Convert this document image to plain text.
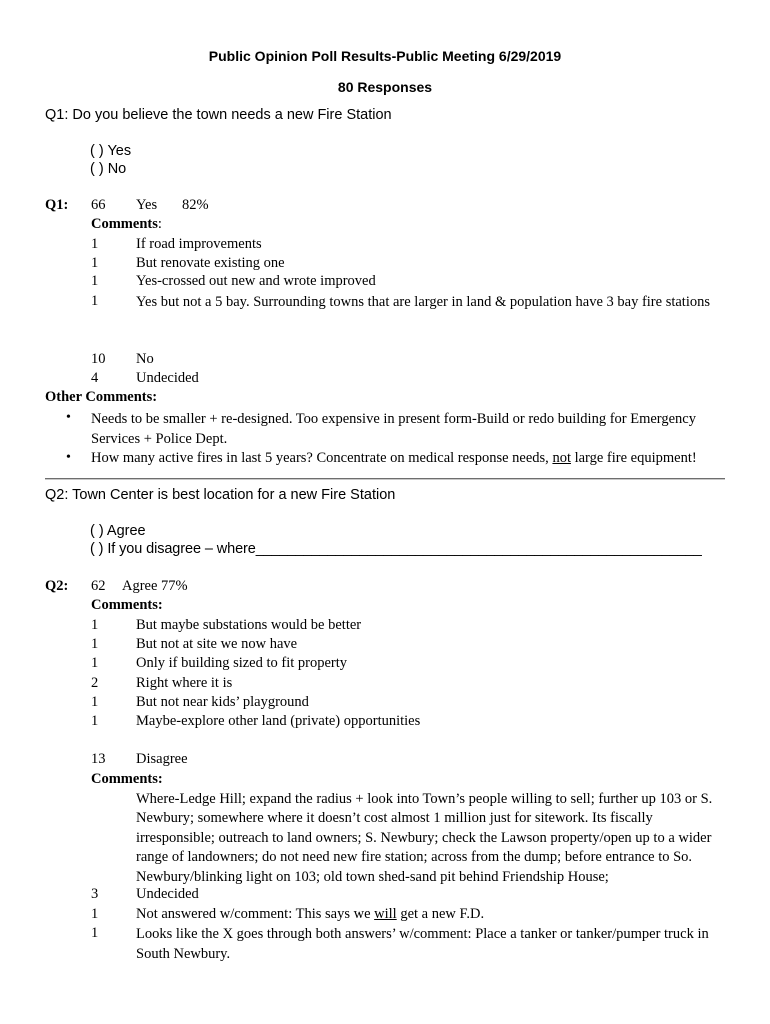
Public Opinion Poll Results-Public Meeting 6/29/2019
80 Responses
Q1: Do you believe the town needs a new Fire Station
( ) Yes
( ) No
Q1: 66 Yes 82%
Comments:
1	If road improvements
1	But renovate existing one
1	Yes-crossed out new and wrote improved
1	Yes but not a 5 bay. Surrounding towns that are larger in land & population have 3 bay fire stations
10 No
4	Undecided
Other Comments:
• Needs to be smaller + re-designed. Too expensive in present form-Build or redo building for Emergency Services + Police Dept.
• How many active fires in last 5 years? Concentrate on medical response needs, not large fire equipment!
Q2: Town Center is best location for a new Fire Station
( ) Agree
( ) If you disagree – where________________________________________________________
Q2: 62 Agree 77%
Comments:
1	But maybe substations would be better
1	But not at site we now have
1	Only if building sized to fit property
2	Right where it is
1	But not near kids’ playground
1	Maybe-explore other land (private) opportunities
13 Disagree
Comments:
Where-Ledge Hill; expand the radius + look into Town’s people willing to sell; further up 103 or S. Newbury; somewhere where it doesn’t cost almost 1 million just for sitework. Its fiscally irresponsible; outreach to land owners; S. Newbury; check the Lawson property/open up to a wider range of landowners; do not need new fire station; across from the dump; before entrance to So. Newbury/blinking light on 103; old town shed-sand pit behind Friendship House;
3	Undecided
1	Not answered w/comment: This says we will get a new F.D.
1	Looks like the X goes through both answers’ w/comment: Place a tanker or tanker/pumper truck in South Newbury.
